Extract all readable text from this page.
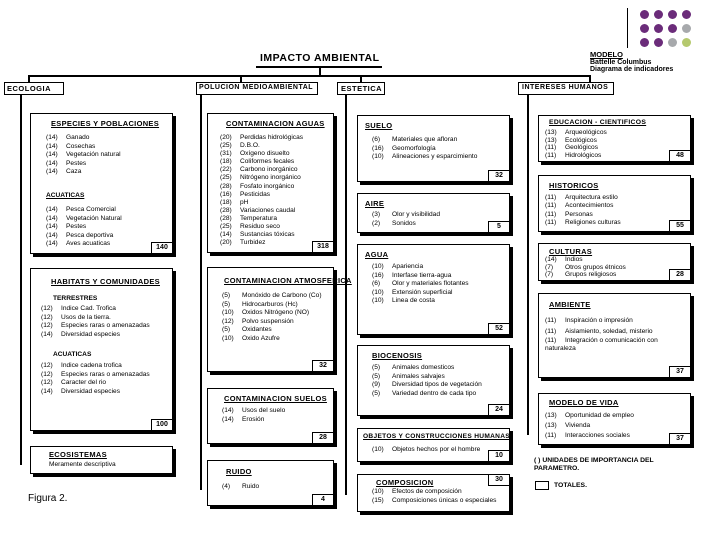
IMPACTO AMBIENTAL	MODELO
Battelle Columbus
Diagrama de indicadores
ECOLOGIA	POLUCION MEDIOAMBIENTAL	ESTETICA	INTERESES HUMANOS
ESPECIES Y POBLACIONES
(14) Ganado
(14) Cosechas
(14) Vegetación natural
(14) Pestes
(14) Caza
ACUATICAS
(14) Pesca Comercial
(14) Vegetación Natural
(14) Pestes
(14) Pesca deportiva
(14) Aves acuaticas
140
HABITATS Y COMUNIDADES
TERRESTRES
(12) Indice Cad. Trofica
(12) Usos de la tierra.
(12) Especies raras o amenazadas
(14) Diversidad especies
ACUATICAS
(12) Indice cadena trofica
(12) Especies raras o amenazadas
(12) Caracter del rio
(14) Diversidad especies
100
ECOSISTEMAS
Meramente descriptiva
CONTAMINACION AGUAS
(20) Perdidas hidrológicas
(25) D.B.O.
(31) Oxígeno disuelto
(18) Coliformes fecales
(22) Carbono inorgánico
(25) Nitrógeno inorgánico
(28) Fosfato inorgánico
(16) Pesticidas
(18) pH
(28) Variaciones caudal
(28) Temperatura
(25) Residuo seco
(14) Sustancias tóxicas
(20) Turbidez
318
CONTAMINACION ATMOSFERICA
(5) Monóxido de Carbono (Co)
(5) Hidrocarburos (Hc)
(10) Oxidos Nitrógeno (NO)
(12) Polvo suspensión
(5) Oxidantes
(10) Oxido Azufre
32
CONTAMINACION SUELOS
(14) Usos del suelo
(14) Erosión
28
RUIDO
(4) Ruido
4
SUELO
(6) Materiales que afloran
(16) Geomorfología
(10) Alineaciones y esparcimiento
32
AIRE
(3) Olor y visibilidad
(2) Sonidos	5
AGUA
(10) Apariencia
(16) Interfase tierra-agua
(6) Olor y materiales flotantes
(10) Extensión superficial
(10) Linea de costa
52
BIOCENOSIS
(5) Animales domesticos
(5) Animales salvajes
(9) Diversidad tipos de vegetación
(5) Variedad dentro de cada tipo
24
OBJETOS Y CONSTRUCCIONES HUMANAS
(10) Objetos hechos por el hombre
10
COMPOSICION
(10) Efectos de composición
(15) Composiciones únicas o especiales
30
EDUCACION - CIENTIFICOS
(13) Arqueológicos
(13) Ecológicos
(11) Geológicos
(11) Hidrológicos	48
HISTORICOS
(11) Arquitectura estilo
(11) Acontecimientos
(11) Personas
(11) Religiones culturas	55
CULTURAS
(14) Indios
(7) Otros grupos étnicos
(7) Grupos religiosos	28
AMBIENTE
(11) Inspiración o impresión
(11) Aislamiento, soledad, misterio
(11) Integración o comunicación con naturaleza
37
MODELO DE VIDA
(13) Oportunidad de empleo
(13) Vivienda
(11) Interacciones sociales	37
( ) UNIDADES DE IMPORTANCIA DEL PARAMETRO.
TOTALES.
Figura 2.
